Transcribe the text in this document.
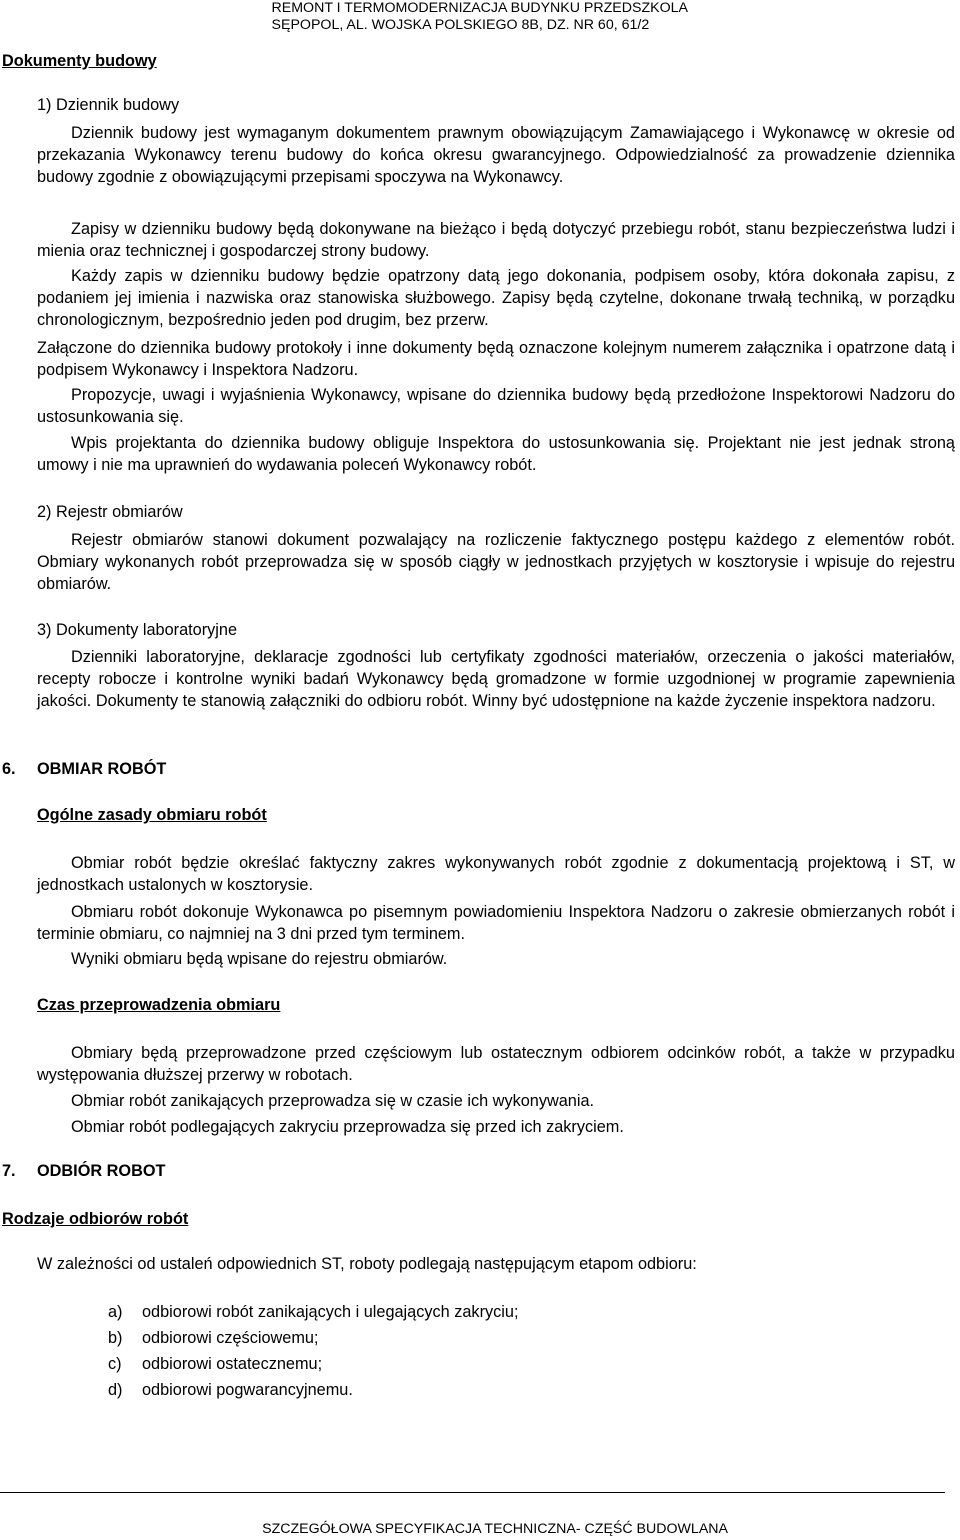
REMONT I TERMOMODERNIZACJA BUDYNKU PRZEDSZKOLA
SĘPOPOL, AL. WOJSKA POLSKIEGO 8B, DZ. NR 60, 61/2
Dokumenty budowy
1) Dziennik budowy
Dziennik budowy jest wymaganym dokumentem prawnym obowiązującym Zamawiającego i Wykonawcę w okresie od przekazania Wykonawcy terenu budowy do końca okresu gwarancyjnego. Odpowiedzialność za prowadzenie dziennika budowy zgodnie z obowiązującymi przepisami spoczywa na Wykonawcy.
Zapisy w dzienniku budowy będą dokonywane na bieżąco i będą dotyczyć przebiegu robót, stanu bezpieczeństwa ludzi i mienia oraz technicznej i gospodarczej strony budowy.
Każdy zapis w dzienniku budowy będzie opatrzony datą jego dokonania, podpisem osoby, która dokonała zapisu, z podaniem jej imienia i nazwiska oraz stanowiska służbowego. Zapisy będą czytelne, dokonane trwałą techniką, w porządku chronologicznym, bezpośrednio jeden pod drugim, bez przerw.
Załączone do dziennika budowy protokoły i inne dokumenty będą oznaczone kolejnym numerem załącznika i opatrzone datą i podpisem Wykonawcy i Inspektora Nadzoru.
Propozycje, uwagi i wyjaśnienia Wykonawcy, wpisane do dziennika budowy będą przedłożone Inspektorowi Nadzoru do ustosunkowania się.
Wpis projektanta do dziennika budowy obliguje Inspektora do ustosunkowania się. Projektant nie jest jednak stroną umowy i nie ma uprawnień do wydawania poleceń Wykonawcy robót.
2) Rejestr obmiarów
Rejestr obmiarów stanowi dokument pozwalający na rozliczenie faktycznego postępu każdego z elementów robót. Obmiary wykonanych robót przeprowadza się w sposób ciągły w jednostkach przyjętych w kosztorysie i wpisuje do rejestru obmiarów.
3) Dokumenty laboratoryjne
Dzienniki laboratoryjne, deklaracje zgodności lub certyfikaty zgodności materiałów, orzeczenia o jakości materiałów, recepty robocze i kontrolne wyniki badań Wykonawcy będą gromadzone w formie uzgodnionej w programie zapewnienia jakości. Dokumenty te stanowią załączniki do odbioru robót. Winny być udostępnione na każde życzenie inspektora nadzoru.
6. OBMIAR ROBÓT
Ogólne zasady obmiaru robót
Obmiar robót będzie określać faktyczny zakres wykonywanych robót zgodnie z dokumentacją projektową i ST, w jednostkach ustalonych w kosztorysie.
Obmiaru robót dokonuje Wykonawca po pisemnym powiadomieniu Inspektora Nadzoru o zakresie obmierzanych robót i terminie obmiaru, co najmniej na 3 dni przed tym terminem.
Wyniki obmiaru będą wpisane do rejestru obmiarów.
Czas przeprowadzenia obmiaru
Obmiary będą przeprowadzone przed częściowym lub ostatecznym odbiorem odcinków robót, a także w przypadku występowania dłuższej przerwy w robotach.
Obmiar robót zanikających przeprowadza się w czasie ich wykonywania.
Obmiar robót podlegających zakryciu przeprowadza się przed ich zakryciem.
7. ODBIÓR ROBOT
Rodzaje odbiorów robót
W zależności od ustaleń odpowiednich ST, roboty podlegają następującym etapom odbioru:
a) odbiorowi robót zanikających i ulegających zakryciu;
b) odbiorowi częściowemu;
c) odbiorowi ostatecznemu;
d) odbiorowi pogwarancyjnemu.
SZCZEGÓŁOWA SPECYFIKACJA TECHNICZNA- CZĘŚĆ BUDOWLANA
